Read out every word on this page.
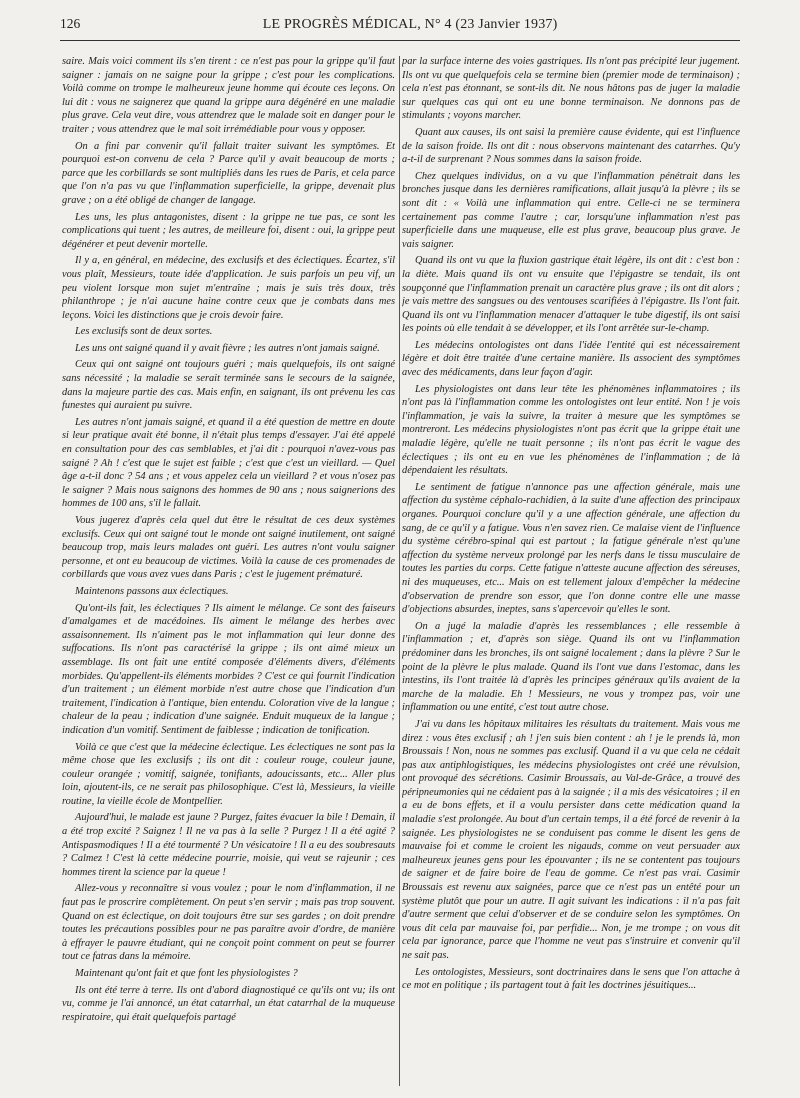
126	LE PROGRÈS MÉDICAL, N° 4 (23 Janvier 1937)

saire. Mais voici comment ils s'en tirent : ce n'est pas pour la grippe qu'il faut saigner : jamais on ne saigne pour la grippe ; c'est pour les complications. Voilà comme on trompe le malheureux jeune homme qui écoute ces leçons. On lui dit : vous ne saignerez que quand la grippe aura dégénéré en une maladie plus grave. Cela veut dire, vous attendrez que le malade soit en danger pour le traiter ; vous attendrez que le mal soit irrémédiable pour vous y opposer.

On a fini par convenir qu'il fallait traiter suivant les symptômes. Et pourquoi est-on convenu de cela ? Parce qu'il y avait beaucoup de morts ; parce que les corbillards se sont multipliés dans les rues de Paris, et cela parce que l'on n'a pas vu que l'inflammation superficielle, la grippe, devenait plus grave ; on a été obligé de changer de langage.

Les uns, les plus antagonistes, disent : la grippe ne tue pas, ce sont les complications qui tuent ; les autres, de meilleure foi, disent : oui, la grippe peut dégénérer et peut devenir mortelle.

Il y a, en général, en médecine, des exclusifs et des éclectiques. Écartez, s'il vous plaît, Messieurs, toute idée d'application. Je suis parfois un peu vif, un peu violent lorsque mon sujet m'entraîne ; mais je suis très doux, très philanthrope ; je n'ai aucune haine contre ceux que je combats dans mes leçons. Voici les distinctions que je crois devoir faire.

Les exclusifs sont de deux sortes.

Les uns ont saigné quand il y avait fièvre ; les autres n'ont jamais saigné.

Ceux qui ont saigné ont toujours guéri ; mais quelquefois, ils ont saigné sans nécessité ; la maladie se serait terminée sans le secours de la saignée, dans la majeure partie des cas. Mais enfin, en saignant, ils ont prévenu les cas funestes qui auraient pu suivre.

Les autres n'ont jamais saigné, et quand il a été question de mettre en doute si leur pratique avait été bonne, il n'était plus temps d'essayer. J'ai été appelé en consultation pour des cas semblables, et j'ai dit : pourquoi n'avez-vous pas saigné ? Ah ! c'est que le sujet est faible ; c'est que c'est un vieillard. — Quel âge a-t-il donc ? 54 ans ; et vous appelez cela un vieillard ? et vous n'osez pas le saigner ? Mais nous saignons des hommes de 90 ans ; nous saignerions des hommes de 100 ans, s'il le fallait.

Vous jugerez d'après cela quel dut être le résultat de ces deux systèmes exclusifs. Ceux qui ont saigné tout le monde ont saigné inutilement, ont saigné beaucoup trop, mais leurs malades ont guéri. Les autres n'ont voulu saigner personne, et ont eu beaucoup de victimes. Voilà la cause de ces promenades de corbillards que vous avez vues dans Paris ; c'est le jugement prématuré.

Maintenons passons aux éclectiques.

Qu'ont-ils fait, les éclectiques ? Ils aiment le mélange. Ce sont des faiseurs d'amalgames et de macédoines. Ils aiment le mélange des herbes avec assaisonnement. Ils n'aiment pas le mot inflammation qui leur donne des suffocations. Ils n'ont pas caractérisé la grippe ; ils ont aimé mieux un assemblage. Ils ont fait une entité composée d'éléments divers, d'éléments morbides. Qu'appellent-ils éléments morbides ? C'est ce qui fournit l'indication d'un traitement ; un élément morbide n'est autre chose que l'indication d'un traitement, l'indication à l'antique, bien entendu. Coloration vive de la langue ; chaleur de la peau ; indication d'une saignée. Enduit muqueux de la langue ; indication d'un vomitif. Sentiment de faiblesse ; indication de tonification.

Voilà ce que c'est que la médecine éclectique. Les éclectiques ne sont pas la même chose que les exclusifs ; ils ont dit : couleur rouge, couleur jaune, couleur orangée ; vomitif, saignée, tonifiants, adoucissants, etc... Aller plus loin, ajoutent-ils, ce ne serait pas philosophique. C'est là, Messieurs, la vieille routine, la vieille école de Montpellier.

Aujourd'hui, le malade est jaune ? Purgez, faites évacuer la bile ! Demain, il a été trop excité ? Saignez ! Il ne va pas à la selle ? Purgez ! Il a été agité ? Antispasmodiques ! Il a été tourmenté ? Un vésicatoire ! Il a eu des soubresauts ? Calmez ! C'est là cette médecine pourrie, moisie, qui veut se rajeunir ; ces hommes tirent la science par la queue !

Allez-vous y reconnaître si vous voulez ; pour le nom d'inflammation, il ne faut pas le proscrire complètement. On peut s'en servir ; mais pas trop souvent. Quand on est éclectique, on doit toujours être sur ses gardes ; on doit prendre toutes les précautions possibles pour ne pas paraître avoir d'ordre, de manière à effrayer le pauvre étudiant, qui ne conçoit point comment on peut se fourrer tout ce fatras dans la mémoire.

Maintenant qu'ont fait et que font les physiologistes ?

Ils ont été terre à terre. Ils ont d'abord diagnostiqué ce qu'ils ont vu; ils ont vu, comme je l'ai annoncé, un état catarrhal, un état catarrhal de la muqueuse respiratoire, qui était quelquefois partagé

par la surface interne des voies gastriques. Ils n'ont pas précipité leur jugement. Ils ont vu que quelquefois cela se termine bien (premier mode de terminaison) ; cela n'est pas étonnant, se sont-ils dit. Ne nous hâtons pas de juger la maladie sur quelques cas qui ont eu une bonne terminaison. Ne donnons pas de stimulants ; voyons marcher.

Quant aux causes, ils ont saisi la première cause évidente, qui est l'influence de la saison froide. Ils ont dit : nous observons maintenant des catarrhes. Qu'y a-t-il de surprenant ? Nous sommes dans la saison froide.

Chez quelques individus, on a vu que l'inflammation pénétrait dans les bronches jusque dans les dernières ramifications, allait jusqu'à la plèvre ; ils se sont dit : « Voilà une inflammation qui entre. Celle-ci ne se terminera certainement pas comme l'autre ; car, lorsqu'une inflammation n'est pas superficielle dans une muqueuse, elle est plus grave, beaucoup plus grave. Je vais saigner.

Quand ils ont vu que la fluxion gastrique était légère, ils ont dit : c'est bon : la diète. Mais quand ils ont vu ensuite que l'épigastre se tendait, ils ont soupçonné que l'inflammation prenait un caractère plus grave ; ils ont dit alors ; je vais mettre des sangsues ou des ventouses scarifiées à l'épigastre. Ils l'ont fait. Quand ils ont vu l'inflammation menacer d'attaquer le tube digestif, ils ont saisi les points où elle tendait à se développer, et ils l'ont arrêtée sur-le-champ.

Les médecins ontologistes ont dans l'idée l'entité qui est nécessairement légère et doit être traitée d'une certaine manière. Ils associent des symptômes avec des médicaments, dans leur façon d'agir.

Les physiologistes ont dans leur tête les phénomènes inflammatoires ; ils n'ont pas là l'inflammation comme les ontologistes ont leur entité. Non ! je vois l'inflammation, je vais la suivre, la traiter à mesure que les symptômes se montreront. Les médecins physiologistes n'ont pas écrit que la grippe était une maladie légère, qu'elle ne tuait personne ; ils n'ont pas écrit le vague des éclectiques ; ils ont eu en vue les phénomènes de l'inflammation ; de là dépendaient les résultats.

Le sentiment de fatigue n'annonce pas une affection générale, mais une affection du système céphalo-rachidien, à la suite d'une affection des principaux organes. Pourquoi conclure qu'il y a une affection générale, une affection du sang, de ce qu'il y a fatigue. Vous n'en savez rien. Ce malaise vient de l'influence du système cérébro-spinal qui est partout ; la fatigue générale n'est qu'une affection du système nerveux prolongé par les nerfs dans le tissu musculaire de toutes les parties du corps. Cette fatigue n'atteste aucune affection des séreuses, ni des muqueuses, etc... Mais on est tellement jaloux d'empêcher la médecine d'observation de prendre son essor, que l'on donne contre elle une masse d'objections absurdes, ineptes, sans s'apercevoir qu'elles le sont.

On a jugé la maladie d'après les ressemblances ; elle ressemble à l'inflammation ; et, d'après son siège. Quand ils ont vu l'inflammation prédominer dans les bronches, ils ont saigné localement ; dans la plèvre ? Sur le point de la plèvre le plus malade. Quand ils l'ont vue dans l'estomac, dans les intestins, ils l'ont traitée là d'après les principes généraux qu'ils avaient de la marche de la maladie. Eh ! Messieurs, ne vous y trompez pas, voir une inflammation ou une entité, c'est tout autre chose.

J'ai vu dans les hôpitaux militaires les résultats du traitement. Mais vous me direz : vous êtes exclusif ; ah ! j'en suis bien content : ah ! je le prends là, mon Broussais ! Non, nous ne sommes pas exclusif. Quand il a vu que cela ne cédait pas aux antiphlogistiques, les médecins physiologistes ont créé une révulsion, ont provoqué des sécrétions. Casimir Broussais, au Val-de-Grâce, a trouvé des péripneumonies qui ne cédaient pas à la saignée ; il a mis des vésicatoires ; il en a eu de bons effets, et il a voulu persister dans cette médication quand la maladie s'est prolongée. Au bout d'un certain temps, il a été forcé de revenir à la saignée. Les physiologistes ne se conduisent pas comme le disent les gens de mauvaise foi et comme le croient les nigauds, comme on veut persuader aux malheureux jeunes gens pour les épouvanter ; ils ne se contentent pas toujours de saigner et de faire boire de l'eau de gomme. Ce n'est pas vrai. Casimir Broussais est revenu aux saignées, parce que ce n'est pas un entêté pour un système plutôt que pour un autre. Il agit suivant les indications : il n'a pas fait d'autre serment que celui d'observer et de se conduire selon les symptômes. On vous dit cela par mauvaise foi, par perfidie... Non, je me trompe ; on vous dit cela par ignorance, parce que l'homme ne veut pas s'instruire et convenir qu'il ne sait pas.

Les ontologistes, Messieurs, sont doctrinaires dans le sens que l'on attache à ce mot en politique ; ils partagent tout à fait les doctrines jésuitiques...
